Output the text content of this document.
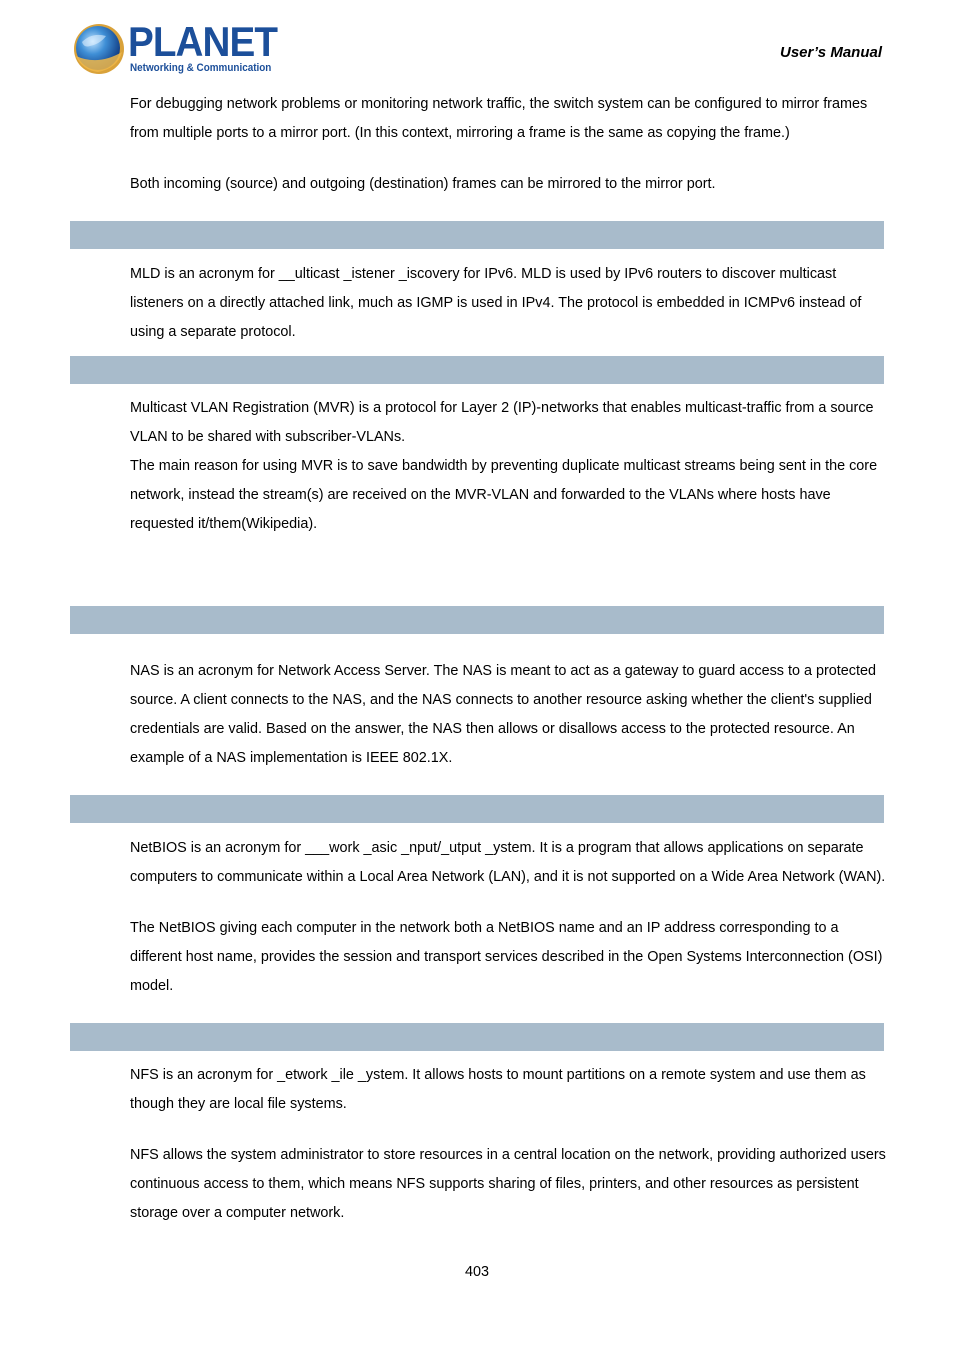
PLANET
Networking & Communication
User’s Manual
For debugging network problems or monitoring network traffic, the switch system can be configured to mirror frames
from multiple ports to a mirror port. (In this context, mirroring a frame is the same as copying the frame.)
Both incoming (source) and outgoing (destination) frames can be mirrored to the mirror port.
MLD is an acronym for __ulticast _istener _iscovery for IPv6. MLD is used by IPv6 routers to discover multicast
listeners on a directly attached link, much as IGMP is used in IPv4. The protocol is embedded in ICMPv6 instead of
using a separate protocol.
Multicast VLAN Registration (MVR) is a protocol for Layer 2 (IP)-networks that enables multicast-traffic from a source
VLAN to be shared with subscriber-VLANs.
The main reason for using MVR is to save bandwidth by preventing duplicate multicast streams being sent in the core
network, instead the stream(s) are received on the MVR-VLAN and forwarded to the VLANs where hosts have
requested it/them(Wikipedia).
NAS is an acronym for Network Access Server. The NAS is meant to act as a gateway to guard access to a protected
source. A client connects to the NAS, and the NAS connects to another resource asking whether the client's supplied
credentials are valid. Based on the answer, the NAS then allows or disallows access to the protected resource. An
example of a NAS implementation is IEEE 802.1X.
NetBIOS is an acronym for ___work _asic _nput/_utput _ystem. It is a program that allows applications on separate
computers to communicate within a Local Area Network (LAN), and it is not supported on a Wide Area Network (WAN).
The NetBIOS giving each computer in the network both a NetBIOS name and an IP address corresponding to a
different host name, provides the session and transport services described in the Open Systems Interconnection (OSI)
model.
NFS is an acronym for _etwork _ile _ystem. It allows hosts to mount partitions on a remote system and use them as
though they are local file systems.
NFS allows the system administrator to store resources in a central location on the network, providing authorized users
continuous access to them, which means NFS supports sharing of files, printers, and other resources as persistent
storage over a computer network.
403
